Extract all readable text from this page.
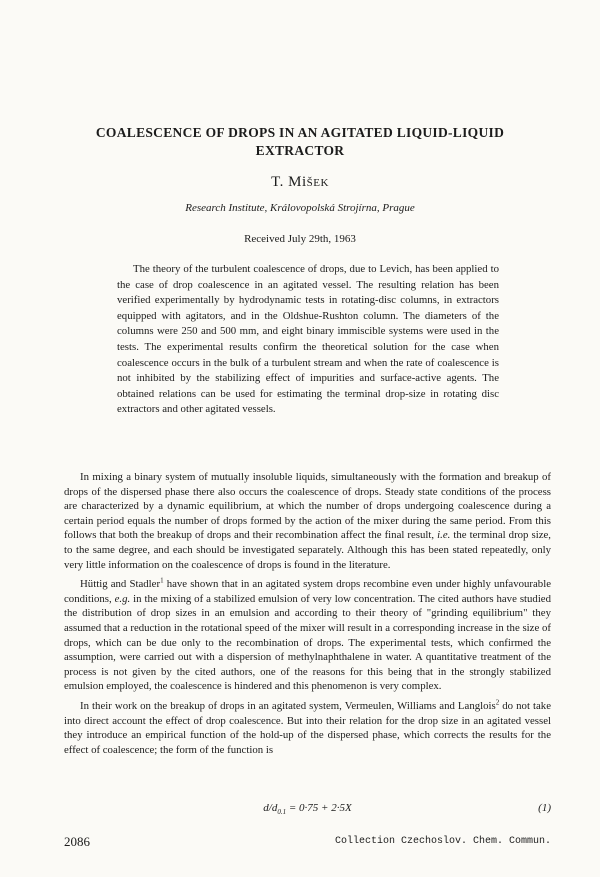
COALESCENCE OF DROPS IN AN AGITATED LIQUID-LIQUID
EXTRACTOR
T. MiŠEK
Research Institute, Královopolská Strojírna, Prague
Received July 29th, 1963

The theory of the turbulent coalescence of drops, due to Levich, has been applied to the case of drop coalescence in an agitated vessel. The resulting relation has been verified experimentally by hydrodynamic tests in rotating-disc columns, in extractors equipped with agitators, and in the Oldshue-Rushton column. The diameters of the columns were 250 and 500 mm, and eight binary immiscible systems were used in the tests. The experimental results confirm the theoretical solution for the case when coalescence occurs in the bulk of a turbulent stream and when the rate of coalescence is not inhibited by the stabilizing effect of impurities and surface-active agents. The obtained relations can be used for estimating the terminal drop-size in rotating disc extractors and other agitated vessels.

In mixing a binary system of mutually insoluble liquids, simultaneously with the formation and breakup of drops of the dispersed phase there also occurs the coalescence of drops. Steady state conditions of the process are characterized by a dynamic equilibrium, at which the number of drops undergoing coalescence during a certain period equals the number of drops formed by the action of the mixer during the same period. From this follows that both the breakup of drops and their recombination affect the final result, i.e. the terminal drop size, to the same degree, and each should be investigated separately. Although this has been stated repeatedly, only very little information on the coalescence of drops is found in the literature.

Hüttig and Stadler$^1$ have shown that in an agitated system drops recombine even under highly unfavourable conditions, e.g. in the mixing of a stabilized emulsion of very low concentration. The cited authors have studied the distribution of drop sizes in an emulsion and according to their theory of "grinding equilibrium" they assumed that a reduction in the rotational speed of the mixer will result in a corresponding increase in the size of drops, which can be due only to the recombination of drops. The experimental tests, which confirmed the assumption, were carried out with a dispersion of methylnaphthalene in water. A quantitative treatment of the process is not given by the cited authors, one of the reasons for this being that in the strongly stabilized emulsion employed, the coalescence is hindered and this phenomenon is very complex.

In their work on the breakup of drops in an agitated system, Vermeulen, Williams and Langlois$^2$ do not take into direct account the effect of drop coalescence. But into their relation for the drop size in an agitated vessel they introduce an empirical function of the hold-up of the dispersed phase, which corrects the results for the effect of coalescence; the form of the function is

$d/d_{0.1} = 0\cdot 75 + 2\cdot 5X$	(1)
2086	Collection Czechoslov. Chem. Commun.
